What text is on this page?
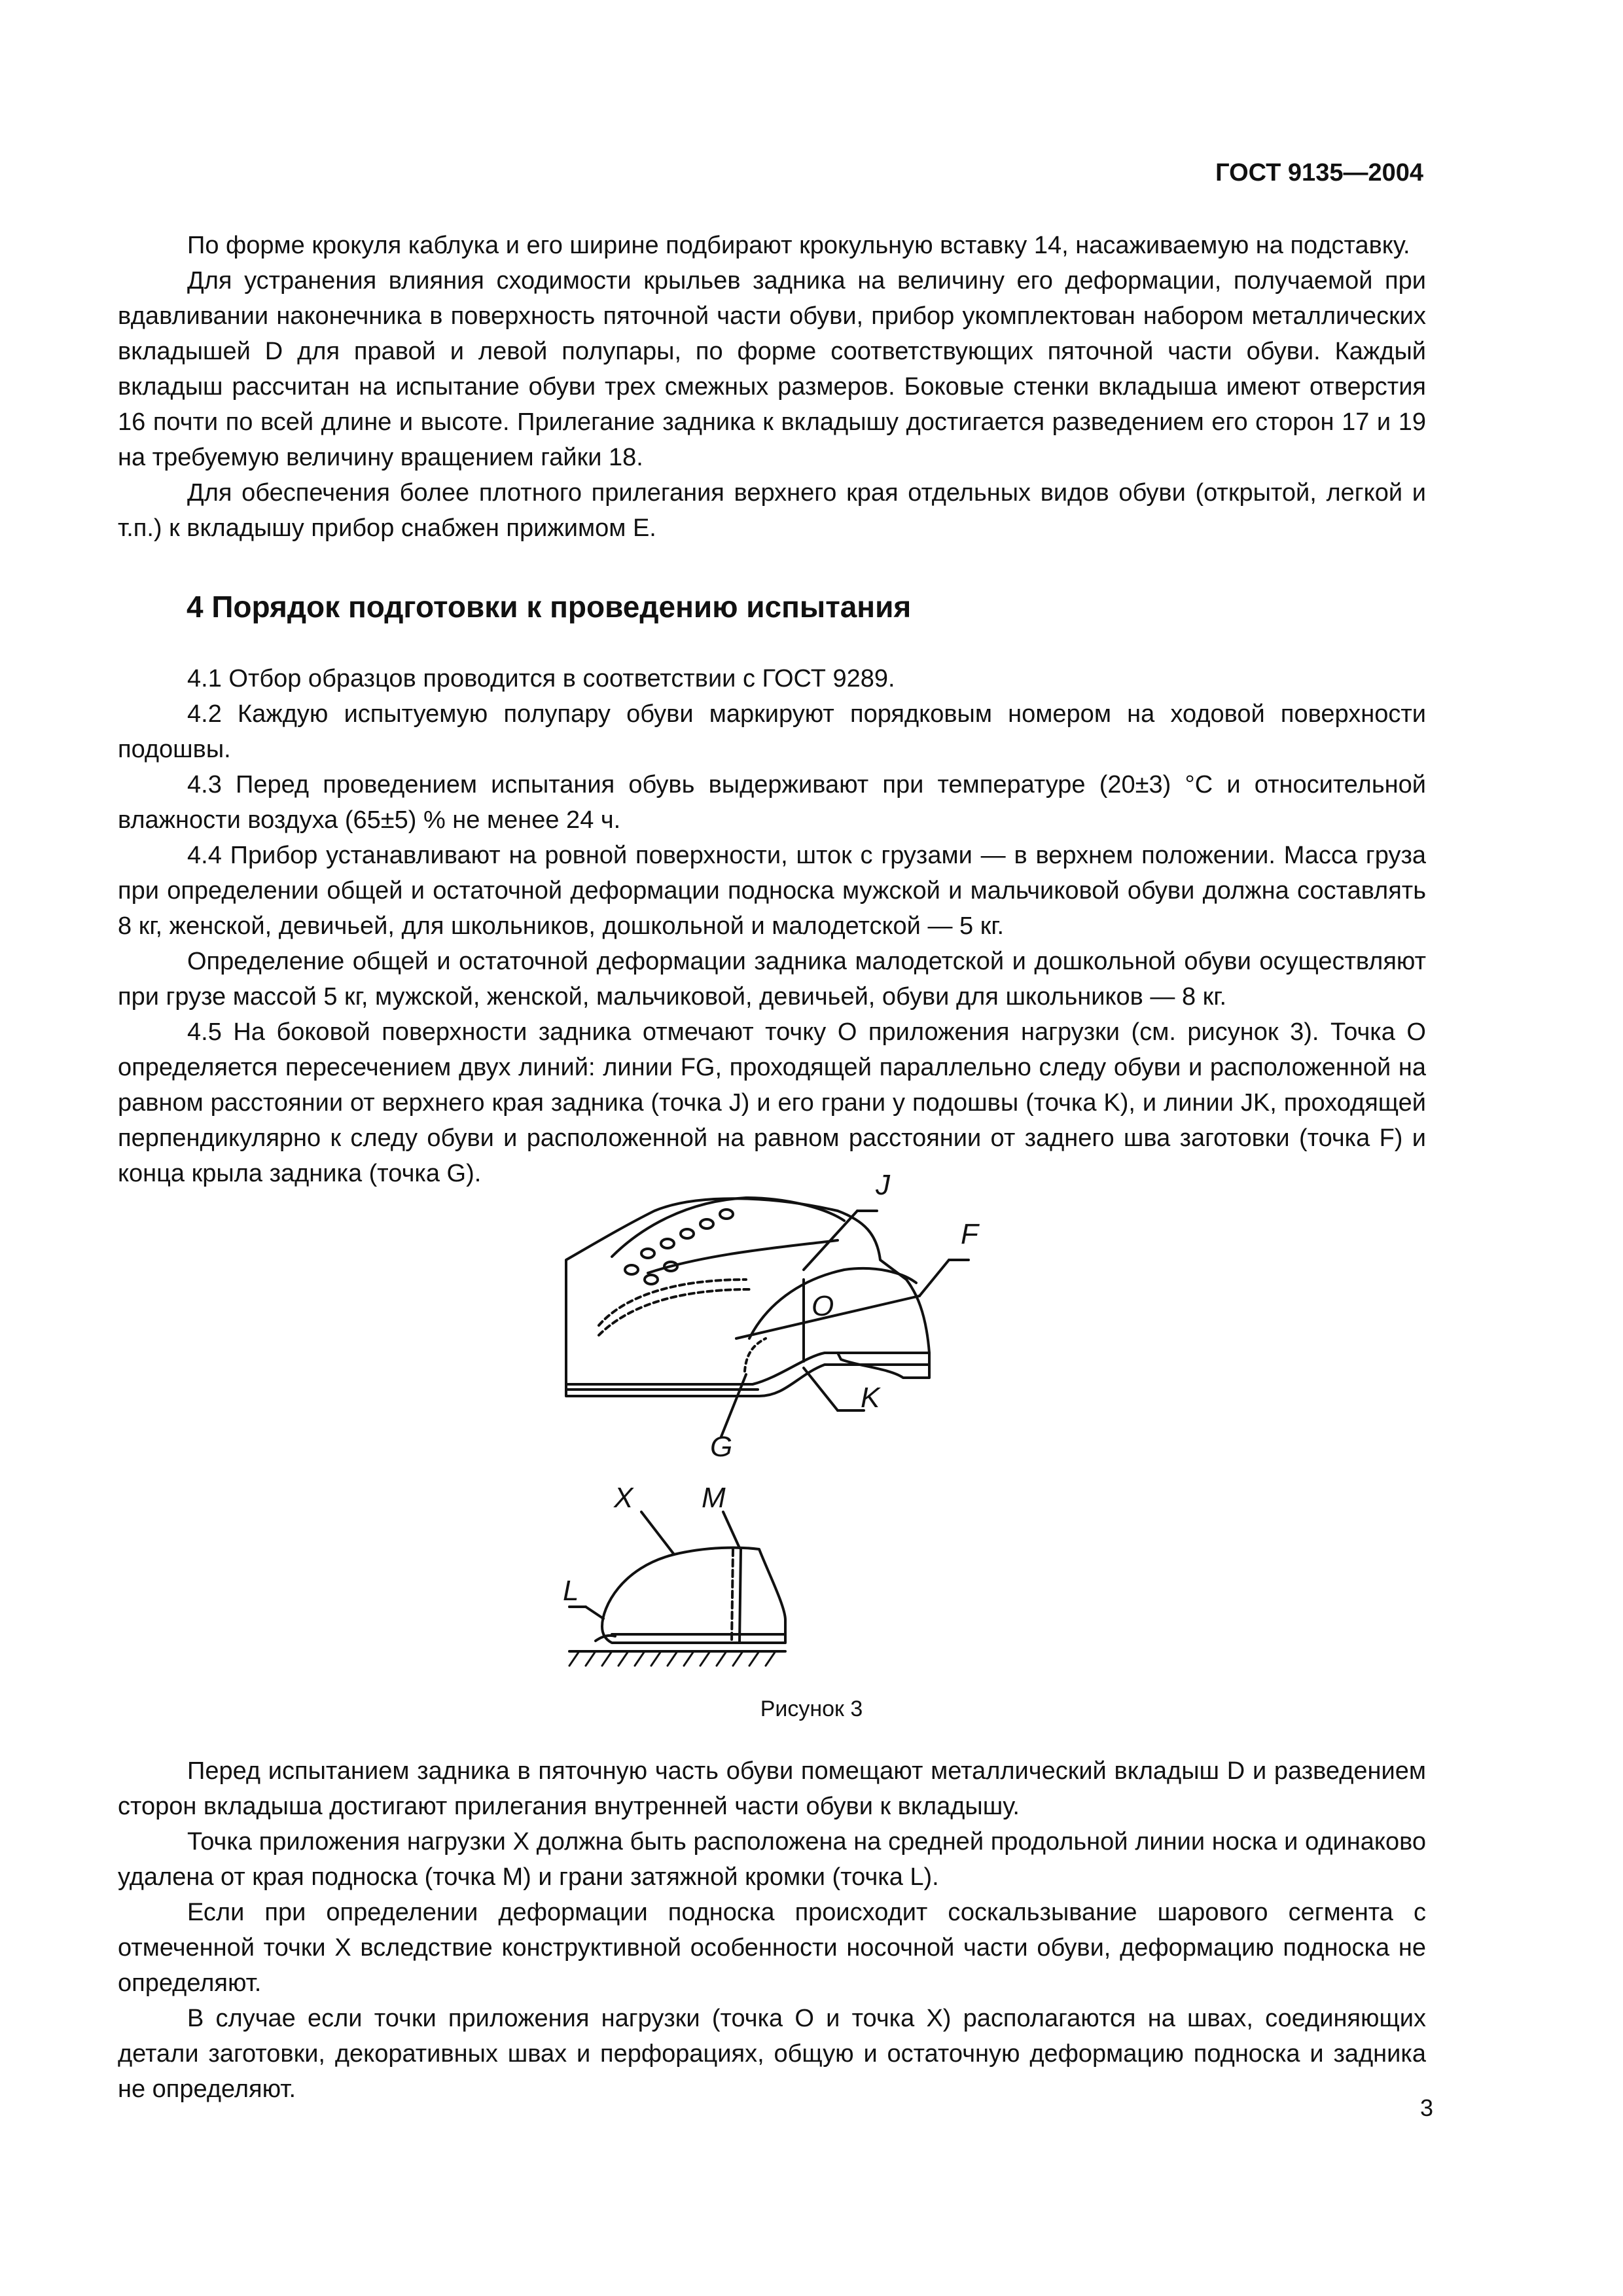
ГОСТ 9135—2004

По форме крокуля каблука и его ширине подбирают крокульную вставку 14, насаживаемую на подставку.

Для устранения влияния сходимости крыльев задника на величину его деформации, получаемой при вдавливании наконечника в поверхность пяточной части обуви, прибор укомплектован набором металлических вкладышей D для правой и левой полупары, по форме соответствующих пяточной части обуви. Каждый вкладыш рассчитан на испытание обуви трех смежных размеров. Боковые стенки вкладыша имеют отверстия 16 почти по всей длине и высоте. Прилегание задника к вкладышу достигается разведением его сторон 17 и 19 на требуемую величину вращением гайки 18.

Для обеспечения более плотного прилегания верхнего края отдельных видов обуви (открытой, легкой и т.п.) к вкладышу прибор снабжен прижимом E.

4 Порядок подготовки к проведению испытания

4.1 Отбор образцов проводится в соответствии с ГОСТ 9289.

4.2 Каждую испытуемую полупару обуви маркируют порядковым номером на ходовой поверхности подошвы.

4.3 Перед проведением испытания обувь выдерживают при температуре (20±3) °С и относительной влажности воздуха (65±5) % не менее 24 ч.

4.4 Прибор устанавливают на ровной поверхности, шток с грузами — в верхнем положении. Масса груза при определении общей и остаточной деформации подноска мужской и мальчиковой обуви должна составлять 8 кг, женской, девичьей, для школьников, дошкольной и малодетской — 5 кг.

Определение общей и остаточной деформации задника малодетской и дошкольной обуви осуществляют при грузе массой 5 кг, мужской, женской, мальчиковой, девичьей, обуви для школьников — 8 кг.

4.5 На боковой поверхности задника отмечают точку O приложения нагрузки (см. рисунок 3). Точка O определяется пересечением двух линий: линии FG, проходящей параллельно следу обуви и расположенной на равном расстоянии от верхнего края задника (точка J) и его грани у подошвы (точка K), и линии JK, проходящей перпендикулярно к следу обуви и расположенной на равном расстоянии от заднего шва заготовки (точка F) и конца крыла задника (точка G).	J
F
O
K
G
X M
L
Рисунок 3

Перед испытанием задника в пяточную часть обуви помещают металлический вкладыш D и разведением сторон вкладыша достигают прилегания внутренней части обуви к вкладышу.

Точка приложения нагрузки X должна быть расположена на средней продольной линии носка и одинаково удалена от края подноска (точка M) и грани затяжной кромки (точка L).

Если при определении деформации подноска происходит соскальзывание шарового сегмента с отмеченной точки X вследствие конструктивной особенности носочной части обуви, деформацию подноска не определяют.

В случае если точки приложения нагрузки (точка O и точка X) располагаются на швах, соединяющих детали заготовки, декоративных швах и перфорациях, общую и остаточную деформацию подноска и задника не определяют.

3
